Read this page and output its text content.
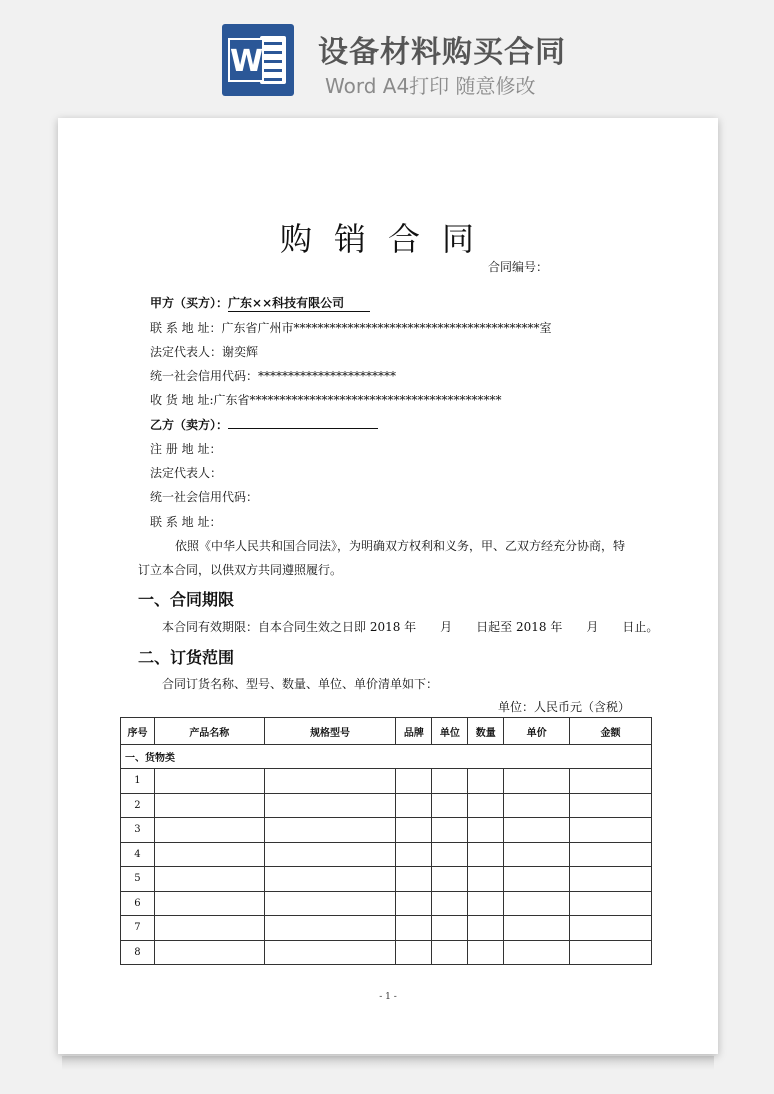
W 设备材料购买合同
Word A4打印 随意修改
购销合同
合同编号：
甲方（买方）：广东××科技有限公司
联 系 地 址：广东省广州市*****************************************室
法定代表人：谢奕辉
统一社会信用代码：***********************
收 货 地 址:广东省******************************************
乙方（卖方）：
注 册 地 址：
法定代表人：
统一社会信用代码：
联 系 地 址：
依照《中华人民共和国合同法》，为明确双方权利和义务，甲、乙双方经充分协商，特
订立本合同，以供双方共同遵照履行。
一、合同期限
本合同有效期限：自本合同生效之日即 2018 年　　月　　日起至 2018 年　　月　　日止。
二、订货范围
合同订货名称、型号、数量、单位、单价清单如下：
单位：人民币元（含税）
序号	产品名称	规格型号	品牌	单位	数量	单价	金额
一、货物类							
1							
2							
3							
4							
5							
6							
7							
8							
- 1 -
